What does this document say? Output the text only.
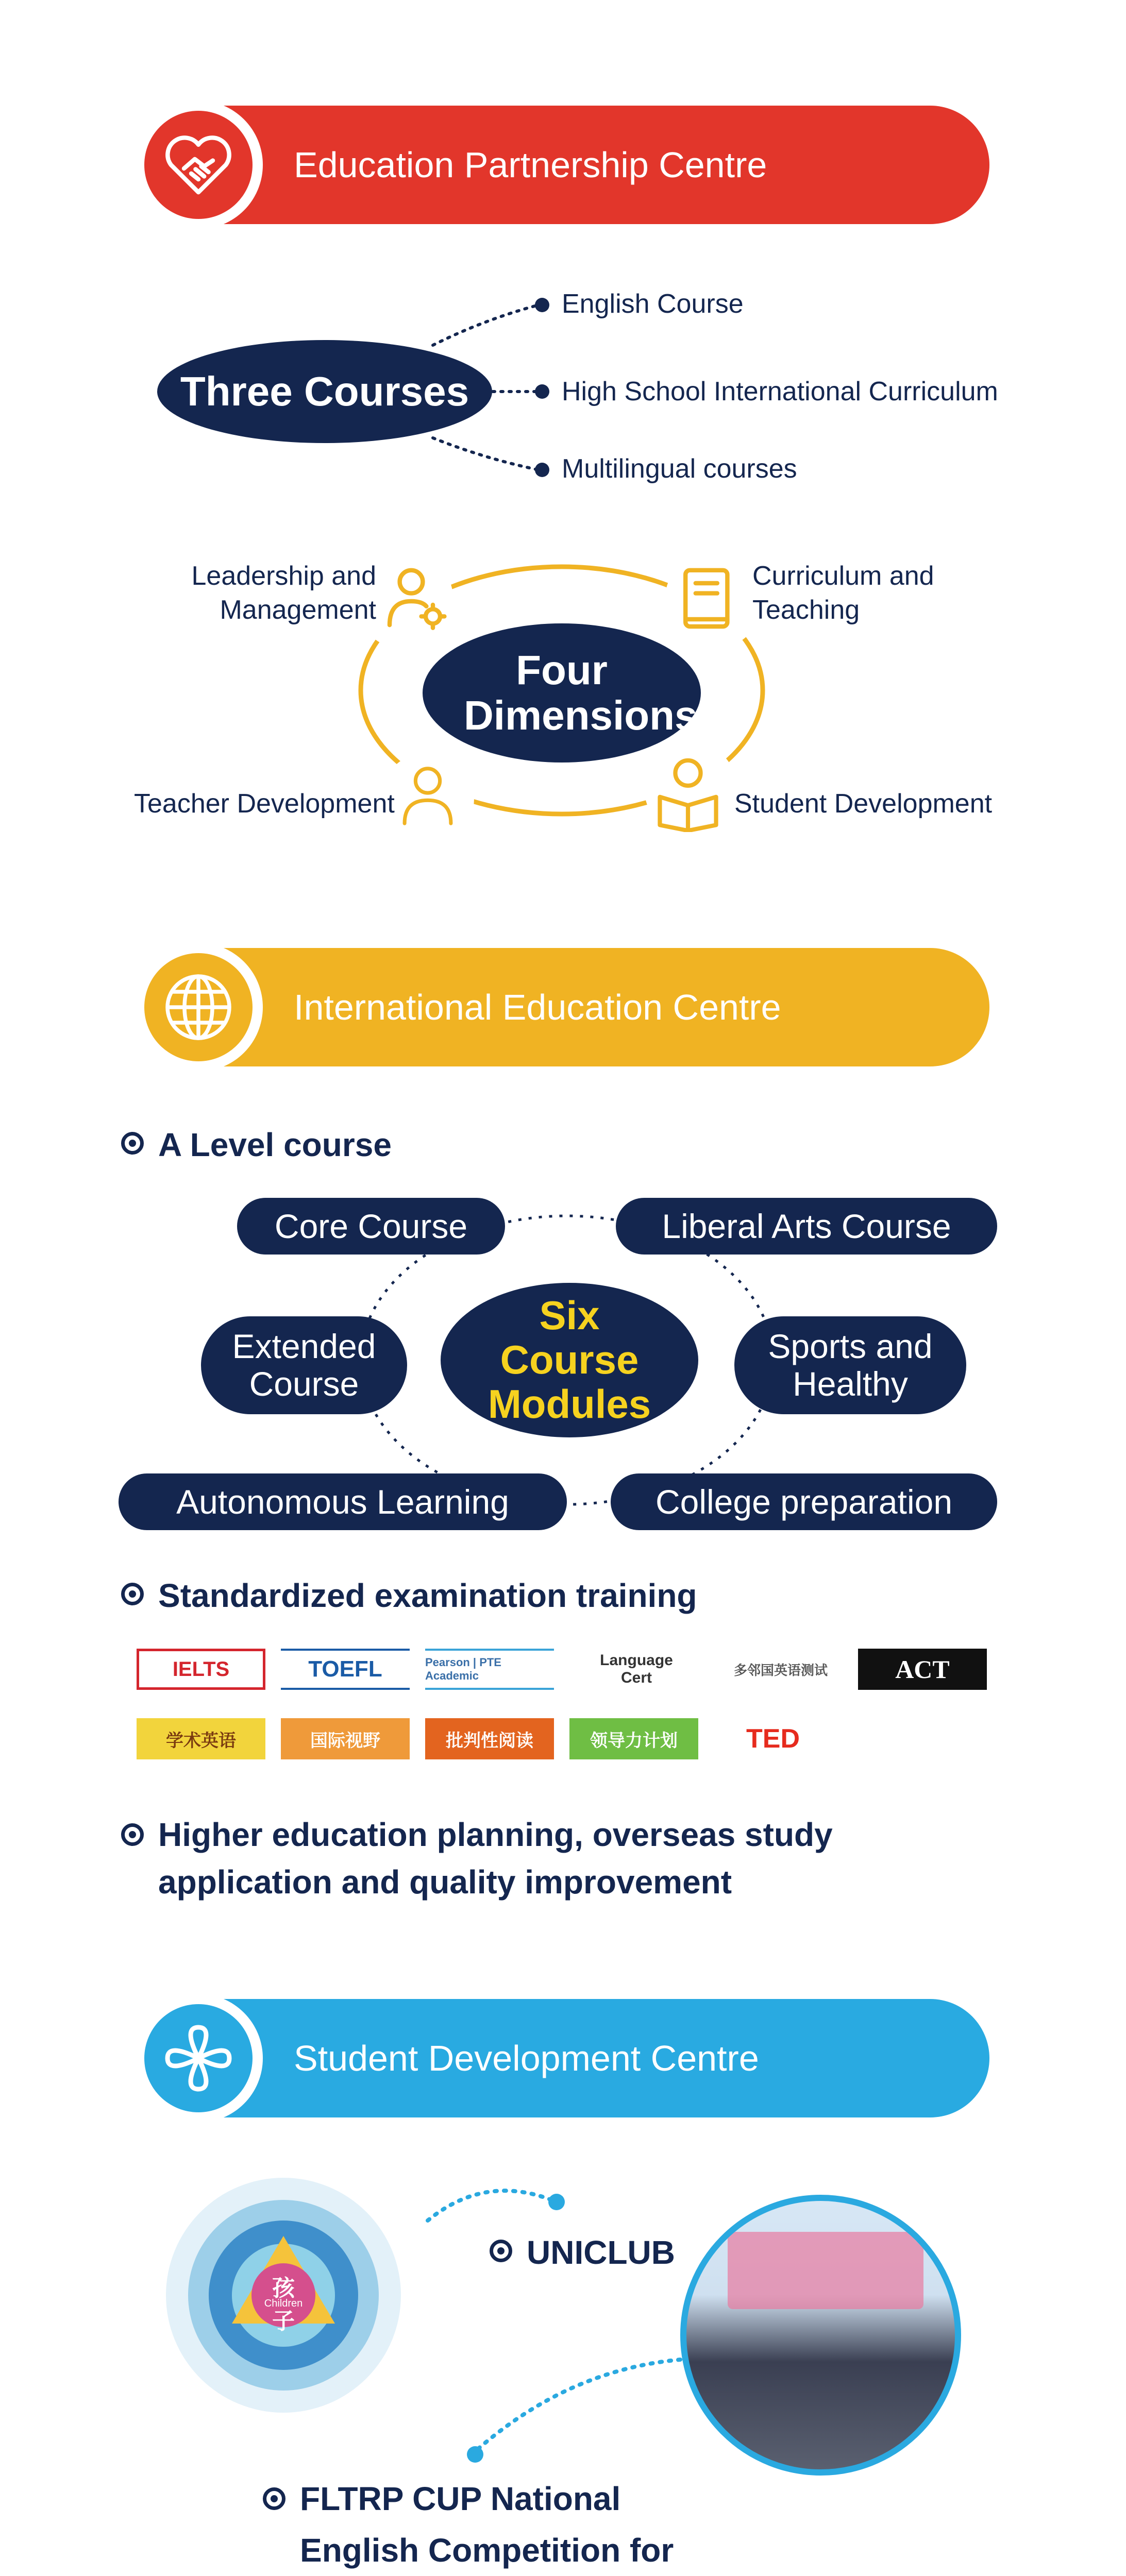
Education Partnership Centre
Three Courses
English Course
High School International Curriculum
Multilingual courses
Four Dimensions
Leadership and Management
Curriculum and Teaching
Teacher Development	Student Development
International Education Centre
A Level course
Six Course Modules
Core Course	Liberal Arts Course
Extended Course
Sports and Healthy
Autonomous Learning	College preparation
Standardized examination training
IELTS	TOEFL	Pearson | PTE Academic
Language Cert	多邻国英语测试	ACT
学术英语	国际视野	批判性阅读	领导力计划	TED
Higher education planning, overseas study application and quality improvement
Student Development Centre
孩子
Children
UNICLUB
FLTRP CUP National English Competition for
